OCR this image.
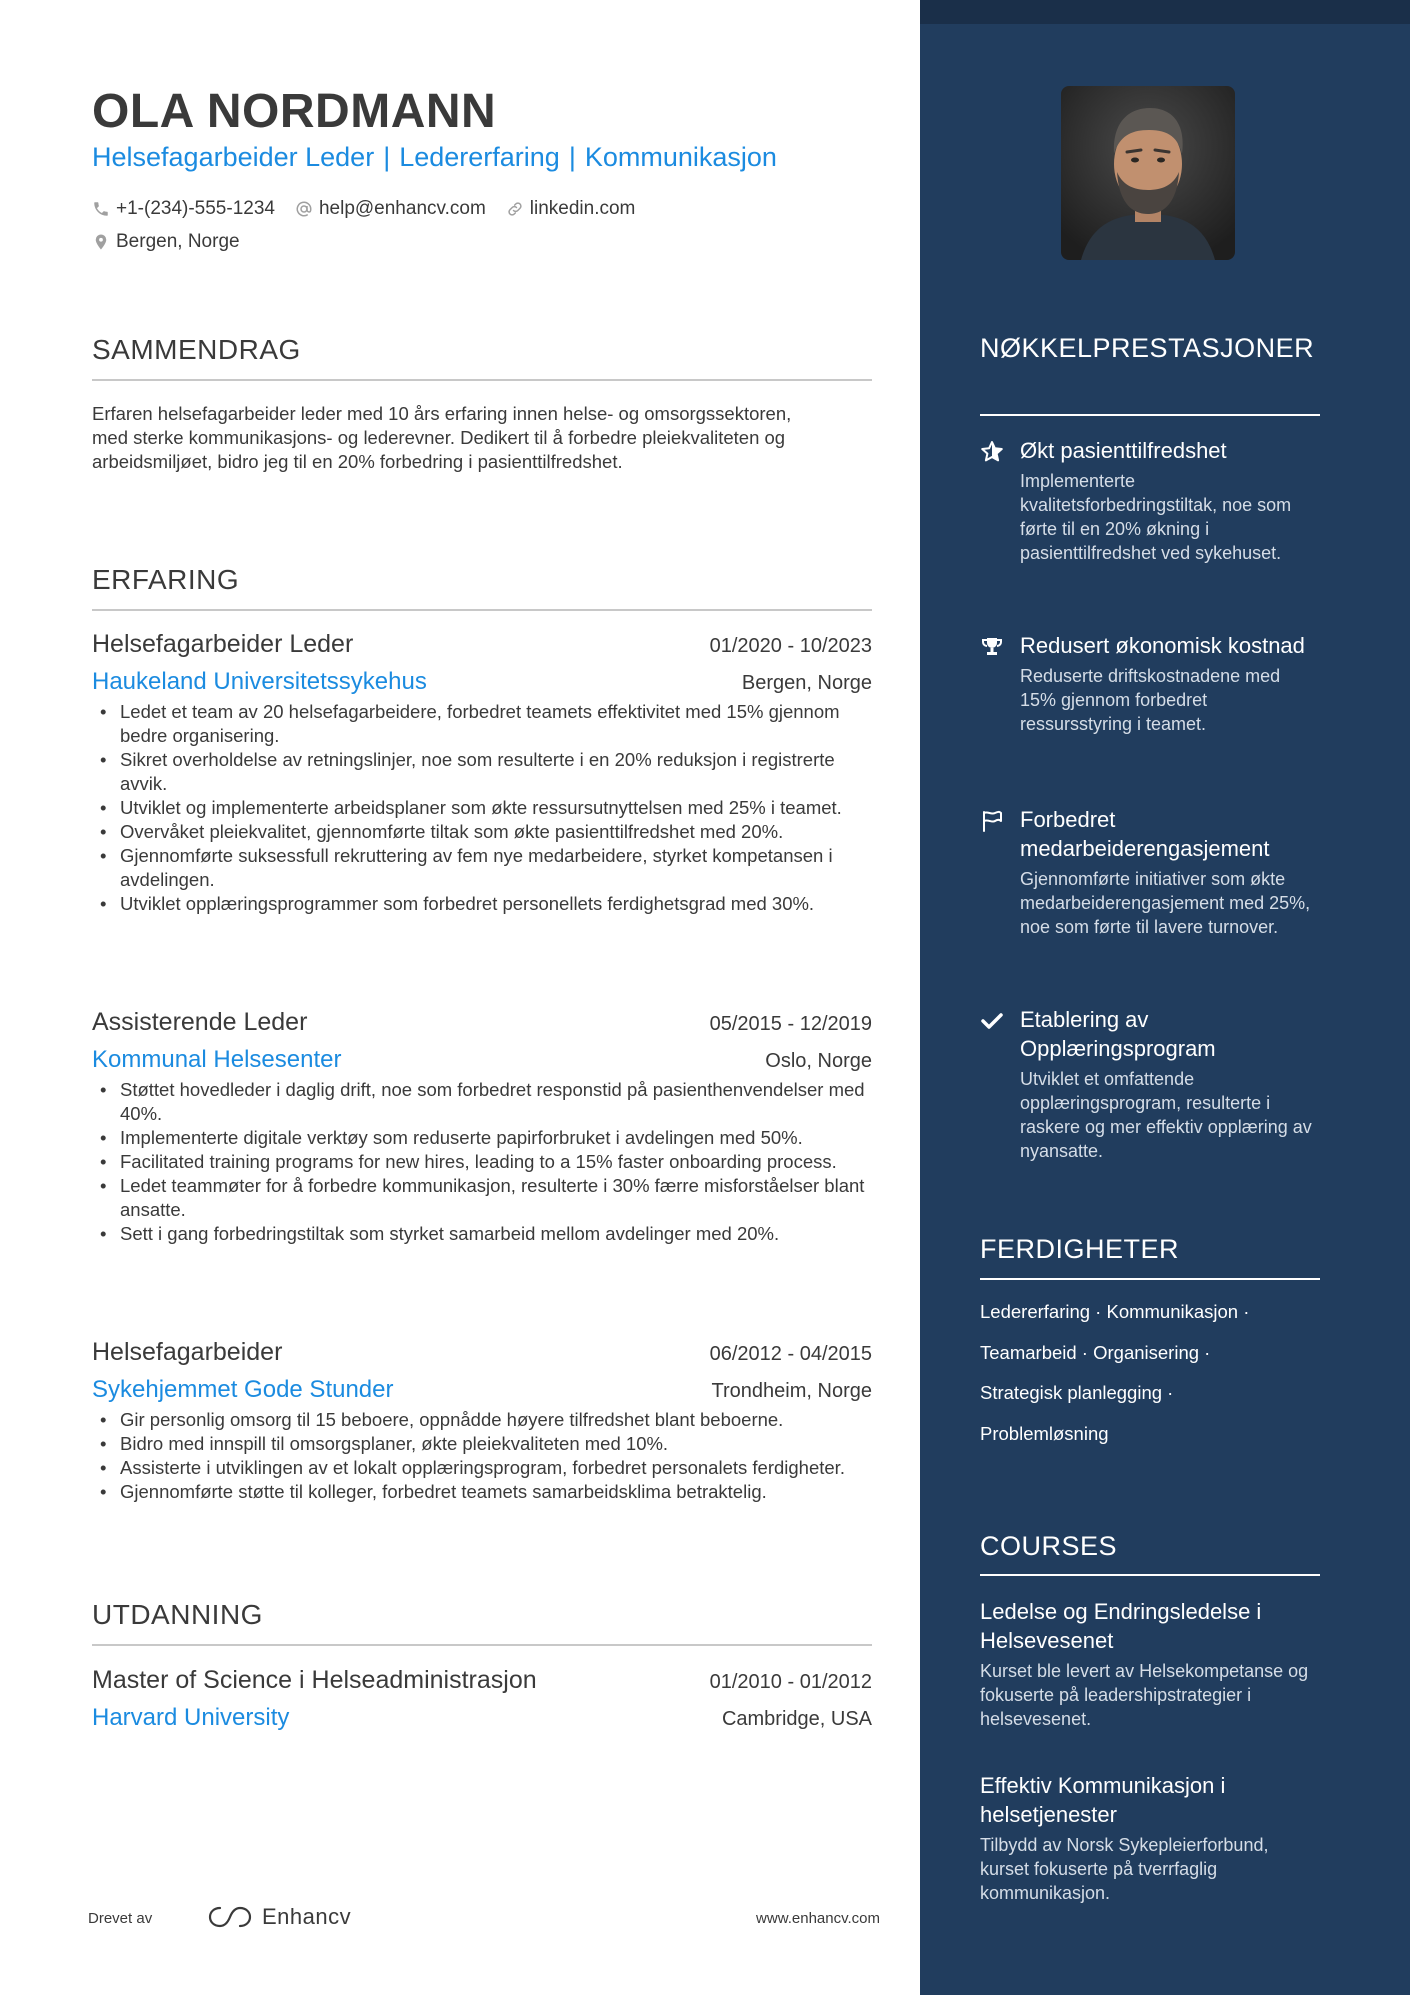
OLA NORDMANN
Helsefagarbeider Leder | Ledererfaring | Kommunikasjon
+1-(234)-555-1234 help@enhancv.com linkedin.com
Bergen, Norge
SAMMENDRAG
Erfaren helsefagarbeider leder med 10 års erfaring innen helse- og omsorgssektoren, med sterke kommunikasjons- og lederevner. Dedikert til å forbedre pleiekvaliteten og arbeidsmiljøet, bidro jeg til en 20% forbedring i pasienttilfredshet.
ERFARING
Helsefagarbeider Leder	01/2020 - 10/2023
Haukeland Universitetssykehus	Bergen, Norge
• Ledet et team av 20 helsefagarbeidere, forbedret teamets effektivitet med 15% gjennom bedre organisering.
• Sikret overholdelse av retningslinjer, noe som resulterte i en 20% reduksjon i registrerte avvik.
• Utviklet og implementerte arbeidsplaner som økte ressursutnyttelsen med 25% i teamet.
• Overvåket pleiekvalitet, gjennomførte tiltak som økte pasienttilfredshet med 20%.
• Gjennomførte suksessfull rekruttering av fem nye medarbeidere, styrket kompetansen i avdelingen.
• Utviklet opplæringsprogrammer som forbedret personellets ferdighetsgrad med 30%.
Assisterende Leder	05/2015 - 12/2019
Kommunal Helsesenter	Oslo, Norge
• Støttet hovedleder i daglig drift, noe som forbedret responstid på pasienthenvendelser med 40%.
• Implementerte digitale verktøy som reduserte papirforbruket i avdelingen med 50%.
• Facilitated training programs for new hires, leading to a 15% faster onboarding process.
• Ledet teammøter for å forbedre kommunikasjon, resulterte i 30% færre misforståelser blant ansatte.
• Sett i gang forbedringstiltak som styrket samarbeid mellom avdelinger med 20%.
Helsefagarbeider	06/2012 - 04/2015
Sykehjemmet Gode Stunder	Trondheim, Norge
• Gir personlig omsorg til 15 beboere, oppnådde høyere tilfredshet blant beboerne.
• Bidro med innspill til omsorgsplaner, økte pleiekvaliteten med 10%.
• Assisterte i utviklingen av et lokalt opplæringsprogram, forbedret personalets ferdigheter.
• Gjennomførte støtte til kolleger, forbedret teamets samarbeidsklima betraktelig.
UTDANNING
Master of Science i Helseadministrasjon	01/2010 - 01/2012
Harvard University	Cambridge, USA
Drevet av	Enhancv	www.enhancv.com
NØKKELPRESTASJONER
Økt pasienttilfredshet
Implementerte kvalitetsforbedringstiltak, noe som førte til en 20% økning i pasienttilfredshet ved sykehuset.
Redusert økonomisk kostnad
Reduserte driftskostnadene med 15% gjennom forbedret ressursstyring i teamet.
Forbedret medarbeiderengasjement
Gjennomførte initiativer som økte medarbeiderengasjement med 25%, noe som førte til lavere turnover.
Etablering av Opplæringsprogram
Utviklet et omfattende opplæringsprogram, resulterte i raskere og mer effektiv opplæring av nyansatte.
FERDIGHETER
Ledererfaring · Kommunikasjon ·
Teamarbeid · Organisering ·
Strategisk planlegging ·
Problemløsning
COURSES
Ledelse og Endringsledelse i Helsevesenet
Kurset ble levert av Helsekompetanse og fokuserte på leadershipstrategier i helsevesenet.
Effektiv Kommunikasjon i helsetjenester
Tilbydd av Norsk Sykepleierforbund, kurset fokuserte på tverrfaglig kommunikasjon.
